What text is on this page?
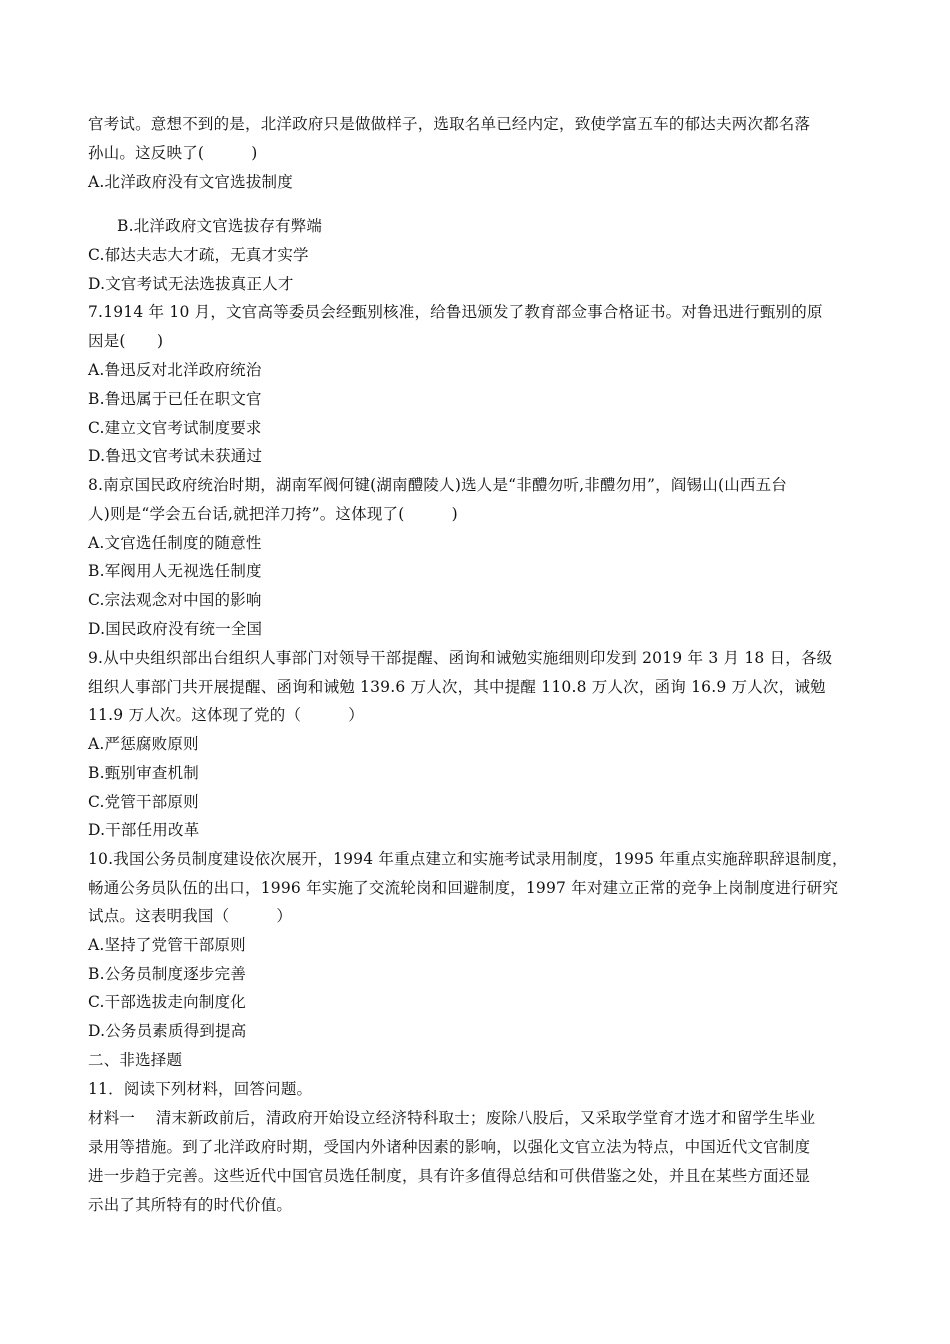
官考试。意想不到的是，北洋政府只是做做样子，选取名单已经内定，致使学富五车的郁达夫两次都名落
孙山。这反映了(　　　)
A.北洋政府没有文官选拔制度
B.北洋政府文官选拔存有弊端
C.郁达夫志大才疏，无真才实学
D.文官考试无法选拔真正人才
7.1914 年 10 月，文官高等委员会经甄别核准，给鲁迅颁发了教育部佥事合格证书。对鲁迅进行甄别的原
因是(　　)
A.鲁迅反对北洋政府统治
B.鲁迅属于已任在职文官
C.建立文官考试制度要求
D.鲁迅文官考试未获通过
8.南京国民政府统治时期，湖南军阀何键(湖南醴陵人)选人是“非醴勿听,非醴勿用”，阎锡山(山西五台
人)则是“学会五台话,就把洋刀挎”。这体现了(　　　)
A.文官选任制度的随意性
B.军阀用人无视选任制度
C.宗法观念对中国的影响
D.国民政府没有统一全国
9.从中央组织部出台组织人事部门对领导干部提醒、函询和诫勉实施细则印发到 2019 年 3 月 18 日，各级
组织人事部门共开展提醒、函询和诫勉 139.6 万人次，其中提醒 110.8 万人次，函询 16.9 万人次，诫勉
11.9 万人次。这体现了党的（　　　）
A.严惩腐败原则
B.甄别审查机制
C.党管干部原则
D.干部任用改革
10.我国公务员制度建设依次展开，1994 年重点建立和实施考试录用制度，1995 年重点实施辞职辞退制度，
畅通公务员队伍的出口，1996 年实施了交流轮岗和回避制度，1997 年对建立正常的竞争上岗制度进行研究
试点。这表明我国（　　　）
A.坚持了党管干部原则
B.公务员制度逐步完善
C.干部选拔走向制度化
D.公务员素质得到提高
二、非选择题
11．阅读下列材料，回答问题。
材料一　 清末新政前后，清政府开始设立经济特科取士；废除八股后，又采取学堂育才选才和留学生毕业
录用等措施。到了北洋政府时期，受国内外诸种因素的影响，以强化文官立法为特点，中国近代文官制度
进一步趋于完善。这些近代中国官员选任制度，具有许多值得总结和可供借鉴之处，并且在某些方面还显
示出了其所特有的时代价值。
